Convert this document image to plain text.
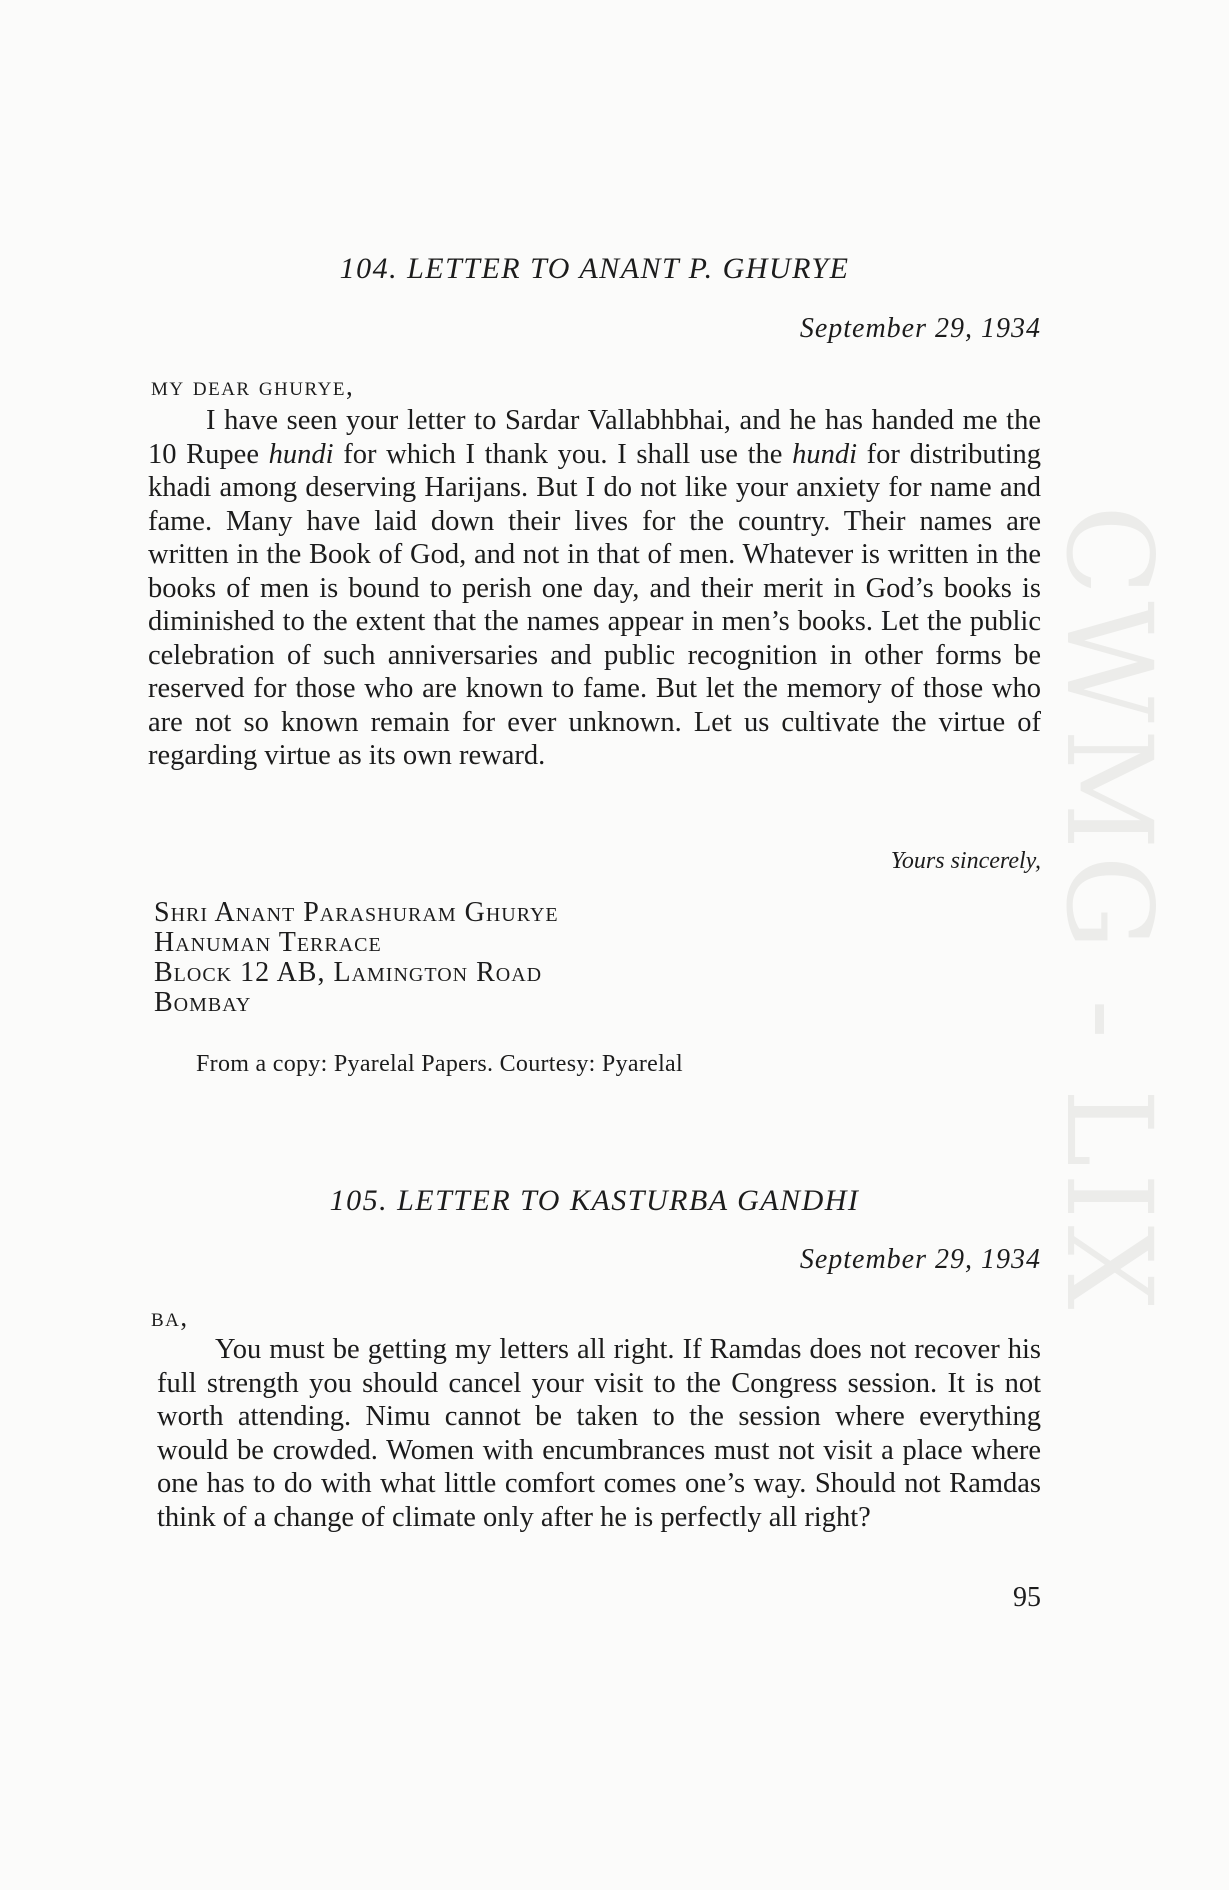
CWMG - LIX
104. LETTER TO ANANT P. GHURYE
September 29, 1934
my dear ghurye,

I have seen your letter to Sardar Vallabhbhai, and he has handed me the 10 Rupee hundi for which I thank you. I shall use the hundi for distributing khadi among deserving Harijans. But I do not like your anxiety for name and fame. Many have laid down their lives for the country. Their names are written in the Book of God, and not in that of men. Whatever is written in the books of men is bound to perish one day, and their merit in God’s books is diminished to the extent that the names appear in men’s books. Let the public celebration of such anniversaries and public recognition in other forms be reserved for those who are known to fame. But let the memory of those who are not so known remain for ever unknown. Let us cultivate the virtue of regarding virtue as its own reward.

Yours sincerely,
Shri Anant Parashuram Ghurye
Hanuman Terrace
Block 12 AB, Lamington Road
Bombay
From a copy: Pyarelal Papers. Courtesy: Pyarelal
105. LETTER TO KASTURBA GANDHI
September 29, 1934
ba,

You must be getting my letters all right. If Ramdas does not recover his full strength you should cancel your visit to the Congress session. It is not worth attending. Nimu cannot be taken to the session where everything would be crowded. Women with encumbrances must not visit a place where one has to do with what little comfort comes one’s way. Should not Ramdas think of a change of climate only after he is perfectly all right?

95
